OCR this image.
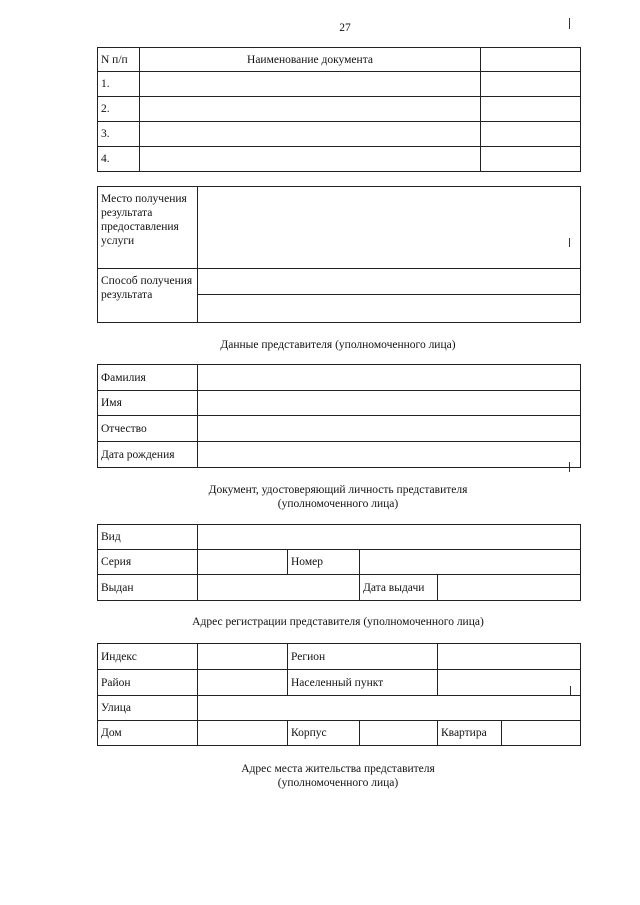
27
N п/п	Наименование документа	
1.		
2.		
3.		
4.		
Место получения результата предоставления услуги	
Способ получения результата	

Данные представителя (уполномоченного лица)
Фамилия	
Имя	
Отчество	
Дата рождения	
Документ, удостоверяющий личность представителя
(уполномоченного лица)
Вид				
Серия		Номер		
Выдан			Дата выдачи	
Адрес регистрации представителя (уполномоченного лица)
Индекс		Регион			
Район		Населенный пункт			
Улица					
Дом		Корпус		Квартира	
Адрес места жительства представителя
(уполномоченного лица)
